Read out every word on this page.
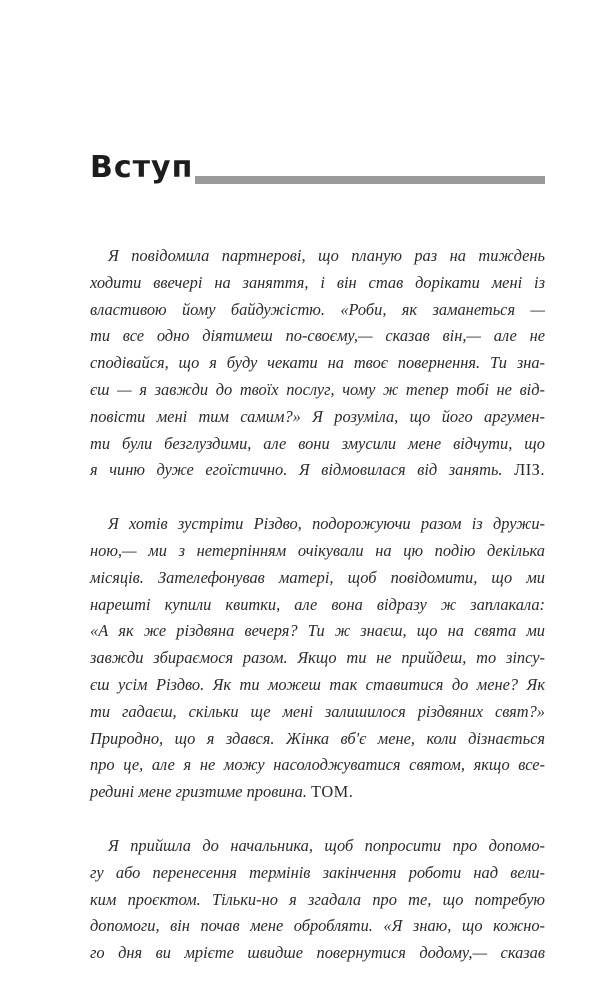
Вступ
Я повідомила партнерові, що планую раз на тиждень
ходити ввечері на заняття, і він став дорікати мені із
властивою йому байдужістю. «Роби, як заманеться —
ти все одно діятимеш по-своєму,— сказав він,— але не
сподівайся, що я буду чекати на твоє повернення. Ти зна-
єш — я завжди до твоїх послуг, чому ж тепер тобі не від-
повісти мені тим самим?» Я розуміла, що його аргумен-
ти були безглуздими, але вони змусили мене відчути, що
я чиню дуже егоїстично. Я відмовилася від занять. ЛІЗ.
Я хотів зустріти Різдво, подорожуючи разом із дружи-
ною,— ми з нетерпінням очікували на цю подію декілька
місяців. Зателефонував матері, щоб повідомити, що ми
нарешті купили квитки, але вона відразу ж заплакала:
«А як же різдвяна вечеря? Ти ж знаєш, що на свята ми
завжди збираємося разом. Якщо ти не прийдеш, то зіпсу-
єш усім Різдво. Як ти можеш так ставитися до мене? Як
ти гадаєш, скільки ще мені залишилося різдвяних свят?»
Природно, що я здався. Жінка вб'є мене, коли дізнається
про це, але я не можу насолоджуватися святом, якщо все-
редині мене гризтиме провина. ТОМ.
Я прийшла до начальника, щоб попросити про допомо-
гу або перенесення термінів закінчення роботи над вели-
ким проєктом. Тільки-но я згадала про те, що потребую
допомоги, він почав мене обробляти. «Я знаю, що кожно-
го дня ви мрієте швидше повернутися додому,— сказав
